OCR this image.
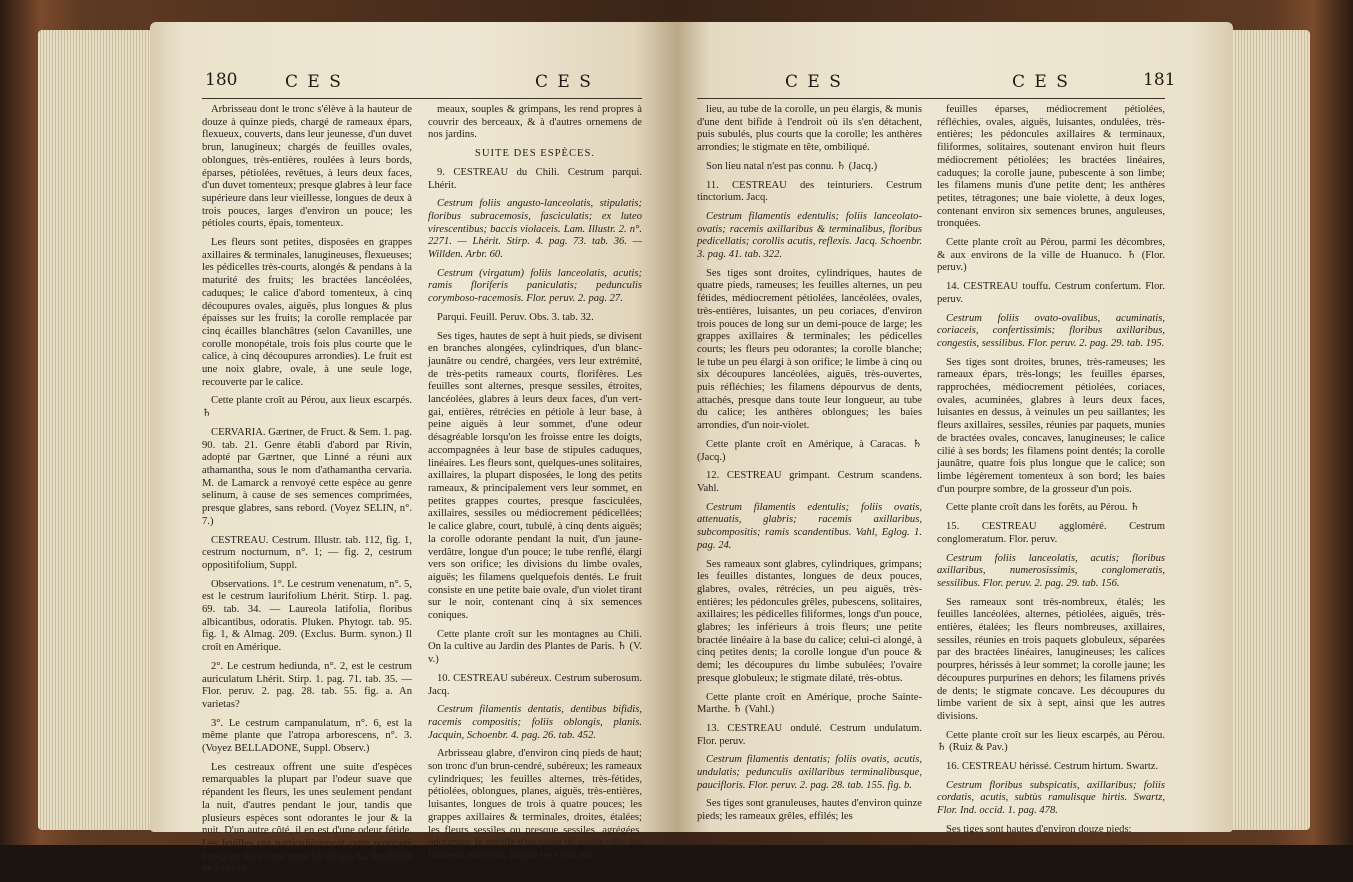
180	C E S	C E S

Arbrisseau dont le tronc s'élève à la hauteur de douze à quinze pieds, chargé de rameaux épars, flexueux, couverts, dans leur jeunesse, d'un duvet brun, lanugineux; chargés de feuilles ovales, oblongues, très-entières, roulées à leurs bords, éparses, pétiolées, revêtues, à leurs deux faces, d'un duvet tomenteux; presque glabres à leur face supérieure dans leur vieillesse, longues de deux à trois pouces, larges d'environ un pouce; les pétioles courts, épais, tomenteux.

Les fleurs sont petites, disposées en grappes axillaires & terminales, lanugineuses, flexueuses; les pédicelles très-courts, alongés & pendans à la maturité des fruits; les bractées lancéolées, caduques; le calice d'abord tomenteux, à cinq découpures ovales, aiguës, plus longues & plus épaisses sur les fruits; la corolle remplacée par cinq écailles blanchâtres (selon Cavanilles, une corolle monopétale, trois fois plus courte que le calice, à cinq découpures arrondies). Le fruit est une noix glabre, ovale, à une seule loge, recouverte par le calice.

Cette plante croît au Pérou, aux lieux escarpés. ♄

CERVARIA. Gærtner, de Fruct. & Sem. 1. pag. 90. tab. 21. Genre établi d'abord par Rivin, adopté par Gærtner, que Linné a réuni aux athamantha, sous le nom d'athamantha cervaria. M. de Lamarck a renvoyé cette espèce au genre selinum, à cause de ses semences comprimées, presque glabres, sans rebord. (Voyez SELIN, n°. 7.)

CESTREAU. Cestrum. Illustr. tab. 112, fig. 1, cestrum nocturnum, n°. 1; — fig. 2, cestrum oppositifolium, Suppl.

Observations. 1°. Le cestrum venenatum, n°. 5, est le cestrum laurifolium Lhérit. Stirp. 1. pag. 69. tab. 34. — Laureola latifolia, floribus albicantibus, odoratis. Pluken. Phytogr. tab. 95. fig. 1, & Almag. 209. (Exclus. Burm. synon.) Il croît en Amérique.

2°. Le cestrum hediunda, n°. 2, est le cestrum auriculatum Lhérit. Stirp. 1. pag. 71. tab. 35. — Flor. peruv. 2. pag. 28. tab. 55. fig. a. An varietas?

3°. Le cestrum campanulatum, n°. 6, est la même plante que l'atropa arborescens, n°. 3. (Voyez BELLADONE, Suppl. Observ.)

Les cestreaux offrent une suite d'espèces remarquables la plupart par l'odeur suave que répandent les fleurs, les unes seulement pendant la nuit, d'autres pendant le jour, tandis que plusieurs espèces sont odorantes le jour & la nuit. D'un autre côté, il en est d'une odeur fétide. Les feuilles ont particulièrement cette propriété lorsqu'on les écrase entre les doigts. La flexibilité de leurs ra-

meaux, souples & grimpans, les rend propres à couvrir des berceaux, & à d'autres ornemens de nos jardins.

SUITE DES ESPÈCES.

9. CESTREAU du Chili. Cestrum parqui. Lhérit.

Cestrum foliis angusto-lanceolatis, stipulatis; floribus subracemosis, fasciculatis; ex luteo virescentibus; baccis violaceis. Lam. Illustr. 2. n°. 2271. — Lhérit. Stirp. 4. pag. 73. tab. 36. — Willden. Arbr. 60.

Cestrum (virgatum) foliis lanceolatis, acutis; ramis floriferis paniculatis; pedunculis corymboso-racemosis. Flor. peruv. 2. pag. 27.

Parqui. Feuill. Peruv. Obs. 3. tab. 32.

Ses tiges, hautes de sept à huit pieds, se divisent en branches alongées, cylindriques, d'un blanc-jaunâtre ou cendré, chargées, vers leur extrémité, de très-petits rameaux courts, florifères. Les feuilles sont alternes, presque sessiles, étroites, lancéolées, glabres à leurs deux faces, d'un vert-gai, entières, rétrécies en pétiole à leur base, à peine aiguës à leur sommet, d'une odeur désagréable lorsqu'on les froisse entre les doigts, accompagnées à leur base de stipules caduques, linéaires. Les fleurs sont, quelques-unes solitaires, axillaires, la plupart disposées, le long des petits rameaux, & principalement vers leur sommet, en petites grappes courtes, presque fasciculées, axillaires, sessiles ou médiocrement pédicellées; le calice glabre, court, tubulé, à cinq dents aiguës; la corolle odorante pendant la nuit, d'un jaune-verdâtre, longue d'un pouce; le tube renflé, élargi vers son orifice; les divisions du limbe ovales, aiguës; les filamens quelquefois dentés. Le fruit consiste en une petite baie ovale, d'un violet tirant sur le noir, contenant cinq à six semences coniques.

Cette plante croît sur les montagnes au Chili. On la cultive au Jardin des Plantes de Paris. ♄ (V. v.)

10. CESTREAU subéreux. Cestrum suberosum. Jacq.

Cestrum filamentis dentatis, dentibus bifidis, racemis compositis; foliis oblongis, planis. Jacquin, Schoenbr. 4. pag. 26. tab. 452.

Arbrisseau glabre, d'environ cinq pieds de haut; son tronc d'un brun-cendré, subéreux; les rameaux cylindriques; les feuilles alternes, très-fétides, pétiolées, oblongues, planes, aiguës, très-entières, luisantes, longues de trois à quatre pouces; les grappes axillaires & terminales, droites, étalées; les fleurs sessiles ou presque sessiles, agrégées, odorantes; la corolle d'un jaune de soufre pâle; les filamens adhérens, jusque vers leur mi-

C E S	C E S	181

lieu, au tube de la corolle, un peu élargis, & munis d'une dent bifide à l'endroit où ils s'en détachent, puis subulés, plus courts que la corolle; les anthères arrondies; le stigmate en tête, ombiliqué.

Son lieu natal n'est pas connu. ♄ (Jacq.)

11. CESTREAU des teinturiers. Cestrum tinctorium. Jacq.

Cestrum filamentis edentulis; foliis lanceolato-ovatis; racemis axillaribus & terminalibus, floribus pedicellatis; corollis acutis, reflexis. Jacq. Schoenbr. 3. pag. 41. tab. 322.

Ses tiges sont droites, cylindriques, hautes de quatre pieds, rameuses; les feuilles alternes, un peu fétides, médiocrement pétiolées, lancéolées, ovales, très-entières, luisantes, un peu coriaces, d'environ trois pouces de long sur un demi-pouce de large; les grappes axillaires & terminales; les pédicelles courts; les fleurs peu odorantes; la corolle blanche; le tube un peu élargi à son orifice; le limbe à cinq ou six découpures lancéolées, aiguës, très-ouvertes, puis réfléchies; les filamens dépourvus de dents, attachés, presque dans toute leur longueur, au tube du calice; les anthères oblongues; les baies arrondies, d'un noir-violet.

Cette plante croît en Amérique, à Caracas. ♄ (Jacq.)

12. CESTREAU grimpant. Cestrum scandens. Vahl.

Cestrum filamentis edentulis; foliis ovatis, attenuatis, glabris; racemis axillaribus, subcompositis; ramis scandentibus. Vahl, Eglog. 1. pag. 24.

Ses rameaux sont glabres, cylindriques, grimpans; les feuilles distantes, longues de deux pouces, glabres, ovales, rétrécies, un peu aiguës, très-entières; les pédoncules grêles, pubescens, solitaires, axillaires; les pédicelles filiformes, longs d'un pouce, glabres; les inférieurs à trois fleurs; une petite bractée linéaire à la base du calice; celui-ci alongé, à cinq petites dents; la corolle longue d'un pouce & demi; les découpures du limbe subulées; l'ovaire presque globuleux; le stigmate dilaté, très-obtus.

Cette plante croît en Amérique, proche Sainte-Marthe. ♄ (Vahl.)

13. CESTREAU ondulé. Cestrum undulatum. Flor. peruv.

Cestrum filamentis dentatis; foliis ovatis, acutis, undulatis; pedunculis axillaribus terminalibusque, paucifloris. Flor. peruv. 2. pag. 28. tab. 155. fig. b.

Ses tiges sont granuleuses, hautes d'environ quinze pieds; les rameaux grêles, effilés; les

feuilles éparses, médiocrement pétiolées, réfléchies, ovales, aiguës, luisantes, ondulées, très-entières; les pédoncules axillaires & terminaux, filiformes, solitaires, soutenant environ huit fleurs médiocrement pétiolées; les bractées linéaires, caduques; la corolle jaune, pubescente à son limbe; les filamens munis d'une petite dent; les anthères petites, tétragones; une baie violette, à deux loges, contenant environ six semences brunes, anguleuses, tronquées.

Cette plante croît au Pérou, parmi les décombres, & aux environs de la ville de Huanuco. ♄ (Flor. peruv.)

14. CESTREAU touffu. Cestrum confertum. Flor. peruv.

Cestrum foliis ovato-ovalibus, acuminatis, coriaceis, confertissimis; floribus axillaribus, congestis, sessilibus. Flor. peruv. 2. pag. 29. tab. 195.

Ses tiges sont droites, brunes, très-rameuses; les rameaux épars, très-longs; les feuilles éparses, rapprochées, médiocrement pétiolées, coriaces, ovales, acuminées, glabres à leurs deux faces, luisantes en dessus, à veinules un peu saillantes; les fleurs axillaires, sessiles, réunies par paquets, munies de bractées ovales, concaves, lanugineuses; le calice cilié à ses bords; les filamens point dentés; la corolle jaunâtre, quatre fois plus longue que le calice; son limbe légèrement tomenteux à son bord; les baies d'un pourpre sombre, de la grosseur d'un pois.

Cette plante croît dans les forêts, au Pérou. ♄

15. CESTREAU aggloméré. Cestrum conglomeratum. Flor. peruv.

Cestrum foliis lanceolatis, acutis; floribus axillaribus, numerosissimis, conglomeratis, sessilibus. Flor. peruv. 2. pag. 29. tab. 156.

Ses rameaux sont très-nombreux, étalés; les feuilles lancéolées, alternes, pétiolées, aiguës, très-entières, étalées; les fleurs nombreuses, axillaires, sessiles, réunies en trois paquets globuleux, séparées par des bractées linéaires, lanugineuses; les calices pourpres, hérissés à leur sommet; la corolle jaune; les découpures purpurines en dehors; les filamens privés de dents; le stigmate concave. Les découpures du limbe varient de six à sept, ainsi que les autres divisions.

Cette plante croît sur les lieux escarpés, au Pérou. ♄ (Ruiz & Pav.)

16. CESTREAU hérissé. Cestrum hirtum. Swartz.

Cestrum floribus subspicatis, axillaribus; foliis cordatis, acutis, subtùs ramulisque hirtis. Swartz, Flor. Ind. occid. 1. pag. 478.

Ses tiges sont hautes d'environ douze pieds;
